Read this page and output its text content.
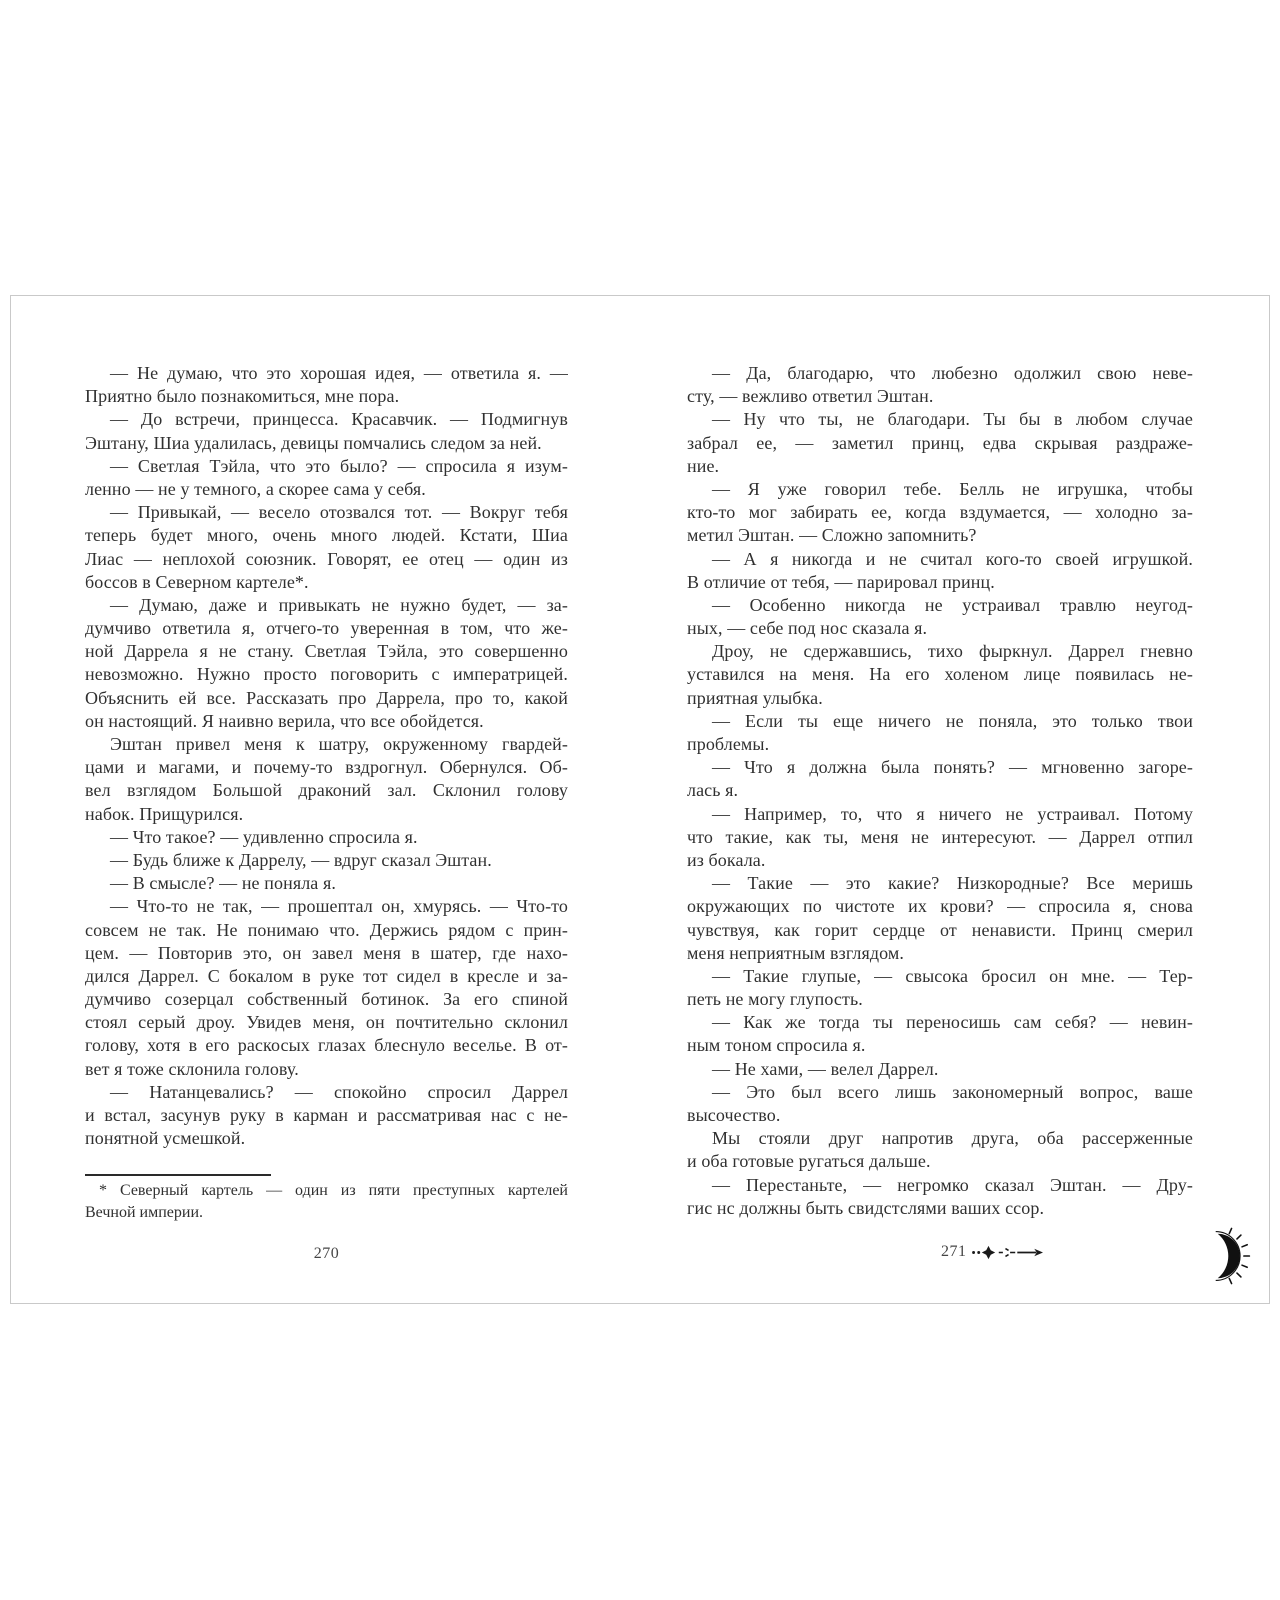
— Не думаю, что это хорошая идея, — ответила я. —
Приятно было познакомиться, мне пора.
— До встречи, принцесса. Красавчик. — Подмигнув
Эштану, Шиа удалилась, девицы помчались следом за ней.
— Светлая Тэйла, что это было? — спросила я изум-
ленно — не у темного, а скорее сама у себя.
— Привыкай, — весело отозвался тот. — Вокруг тебя
теперь будет много, очень много людей. Кстати, Шиа
Лиас — неплохой союзник. Говорят, ее отец — один из
боссов в Северном картеле*.
— Думаю, даже и привыкать не нужно будет, — за-
думчиво ответила я, отчего-то уверенная в том, что же-
ной Даррела я не стану. Светлая Тэйла, это совершенно
невозможно. Нужно просто поговорить с императрицей.
Объяснить ей все. Рассказать про Даррела, про то, какой
он настоящий. Я наивно верила, что все обойдется.
Эштан привел меня к шатру, окруженному гвардей-
цами и магами, и почему-то вздрогнул. Обернулся. Об-
вел взглядом Большой драконий зал. Склонил голову
набок. Прищурился.
— Что такое? — удивленно спросила я.
— Будь ближе к Даррелу, — вдруг сказал Эштан.
— В смысле? — не поняла я.
— Что-то не так, — прошептал он, хмурясь. — Что-то
совсем не так. Не понимаю что. Держись рядом с прин-
цем. — Повторив это, он завел меня в шатер, где нахо-
дился Даррел. С бокалом в руке тот сидел в кресле и за-
думчиво созерцал собственный ботинок. За его спиной
стоял серый дроу. Увидев меня, он почтительно склонил
голову, хотя в его раскосых глазах блеснуло веселье. В от-
вет я тоже склонила голову.
— Натанцевались? — спокойно спросил Даррел
и встал, засунув руку в карман и рассматривая нас с не-
понятной усмешкой.
— Да, благодарю, что любезно одолжил свою неве-
сту, — вежливо ответил Эштан.
— Ну что ты, не благодари. Ты бы в любом случае
забрал ее, — заметил принц, едва скрывая раздраже-
ние.
— Я уже говорил тебе. Белль не игрушка, чтобы
кто-то мог забирать ее, когда вздумается, — холодно за-
метил Эштан. — Сложно запомнить?
— А я никогда и не считал кого-то своей игрушкой.
В отличие от тебя, — парировал принц.
— Особенно никогда не устраивал травлю неугод-
ных, — себе под нос сказала я.
Дроу, не сдержавшись, тихо фыркнул. Даррел гневно
уставился на меня. На его холеном лице появилась не-
приятная улыбка.
— Если ты еще ничего не поняла, это только твои
проблемы.
— Что я должна была понять? — мгновенно загоре-
лась я.
— Например, то, что я ничего не устраивал. Потому
что такие, как ты, меня не интересуют. — Даррел отпил
из бокала.
— Такие — это какие? Низкородные? Все меришь
окружающих по чистоте их крови? — спросила я, снова
чувствуя, как горит сердце от ненависти. Принц смерил
меня неприятным взглядом.
— Такие глупые, — свысока бросил он мне. — Тер-
петь не могу глупость.
— Как же тогда ты переносишь сам себя? — невин-
ным тоном спросила я.
— Не хами, — велел Даррел.
— Это был всего лишь закономерный вопрос, ваше
высочество.
Мы стояли друг напротив друга, оба рассерженные
и оба готовые ругаться дальше.
— Перестаньте, — негромко сказал Эштан. — Дру-
гис нс должны быть свидстслями ваших ссор.
* Северный картель — один из пяти преступных картелей
Вечной империи.
270	271
